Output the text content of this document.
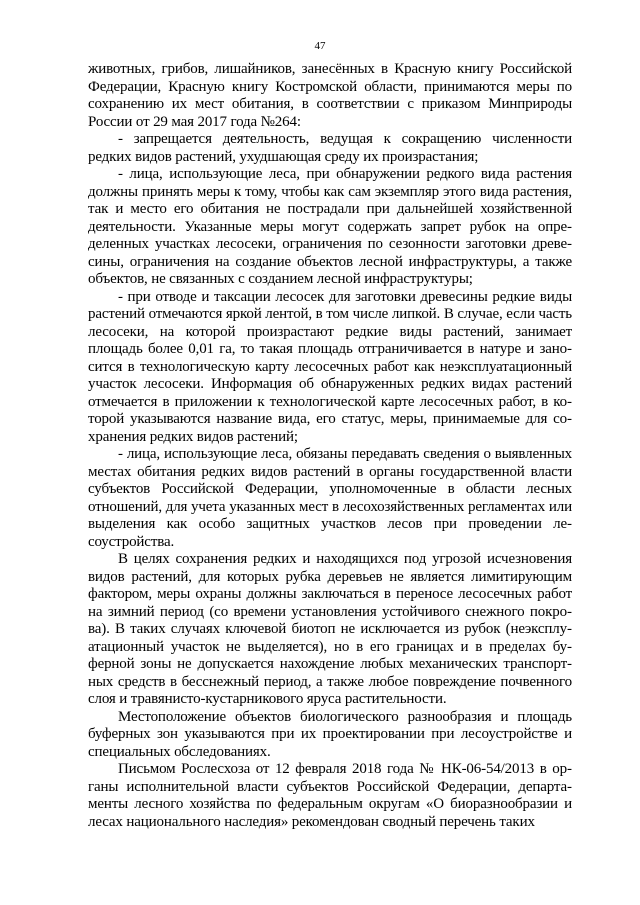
47

животных, грибов, лишайников, занесённых в Красную книгу Российской Федерации, Красную книгу Костромской области, принимаются меры по сохранению их мест обитания, в соответствии с приказом Минприроды России от 29 мая 2017 года №264:

- запрещается деятельность, ведущая к сокращению численности редких видов растений, ухудшающая среду их произрастания;

- лица, использующие леса, при обнаружении редкого вида растения должны принять меры к тому, чтобы как сам экземпляр этого вида растения, так и место его обитания не пострадали при дальнейшей хозяйственной деятельности. Указанные меры могут содержать запрет рубок на определенных участках лесосеки, ограничения по сезонности заготовки древесины, ограничения на создание объектов лесной инфраструктуры, а также объектов, не связанных с созданием лесной инфраструктуры;

- при отводе и таксации лесосек для заготовки древесины редкие виды растений отмечаются яркой лентой, в том числе липкой. В случае, если часть лесосеки, на которой произрастают редкие виды растений, занимает площадь более 0,01 га, то такая площадь отграничивается в натуре и заносится в технологическую карту лесосечных работ как неэксплуатационный участок лесосеки. Информация об обнаруженных редких видах растений отмечается в приложении к технологической карте лесосечных работ, в которой указываются название вида, его статус, меры, принимаемые для сохранения редких видов растений;

- лица, использующие леса, обязаны передавать сведения о выявленных местах обитания редких видов растений в органы государственной власти субъектов Российской Федерации, уполномоченные в области лесных отношений, для учета указанных мест в лесохозяйственных регламентах или выделения как особо защитных участков лесов при проведении лесоустройства.

В целях сохранения редких и находящихся под угрозой исчезновения видов растений, для которых рубка деревьев не является лимитирующим фактором, меры охраны должны заключаться в переносе лесосечных работ на зимний период (со времени установления устойчивого снежного покрова). В таких случаях ключевой биотоп не исключается из рубок (неэксплуатационный участок не выделяется), но в его границах и в пределах буферной зоны не допускается нахождение любых механических транспортных средств в бесснежный период, а также любое повреждение почвенного слоя и травянисто-кустарникового яруса растительности.

Местоположение объектов биологического разнообразия и площадь буферных зон указываются при их проектировании при лесоустройстве и специальных обследованиях.

Письмом Рослесхоза от 12 февраля 2018 года № НК-06-54/2013 в органы исполнительной власти субъектов Российской Федерации, департаменты лесного хозяйства по федеральным округам «О биоразнообразии и лесах национального наследия» рекомендован сводный перечень таких
